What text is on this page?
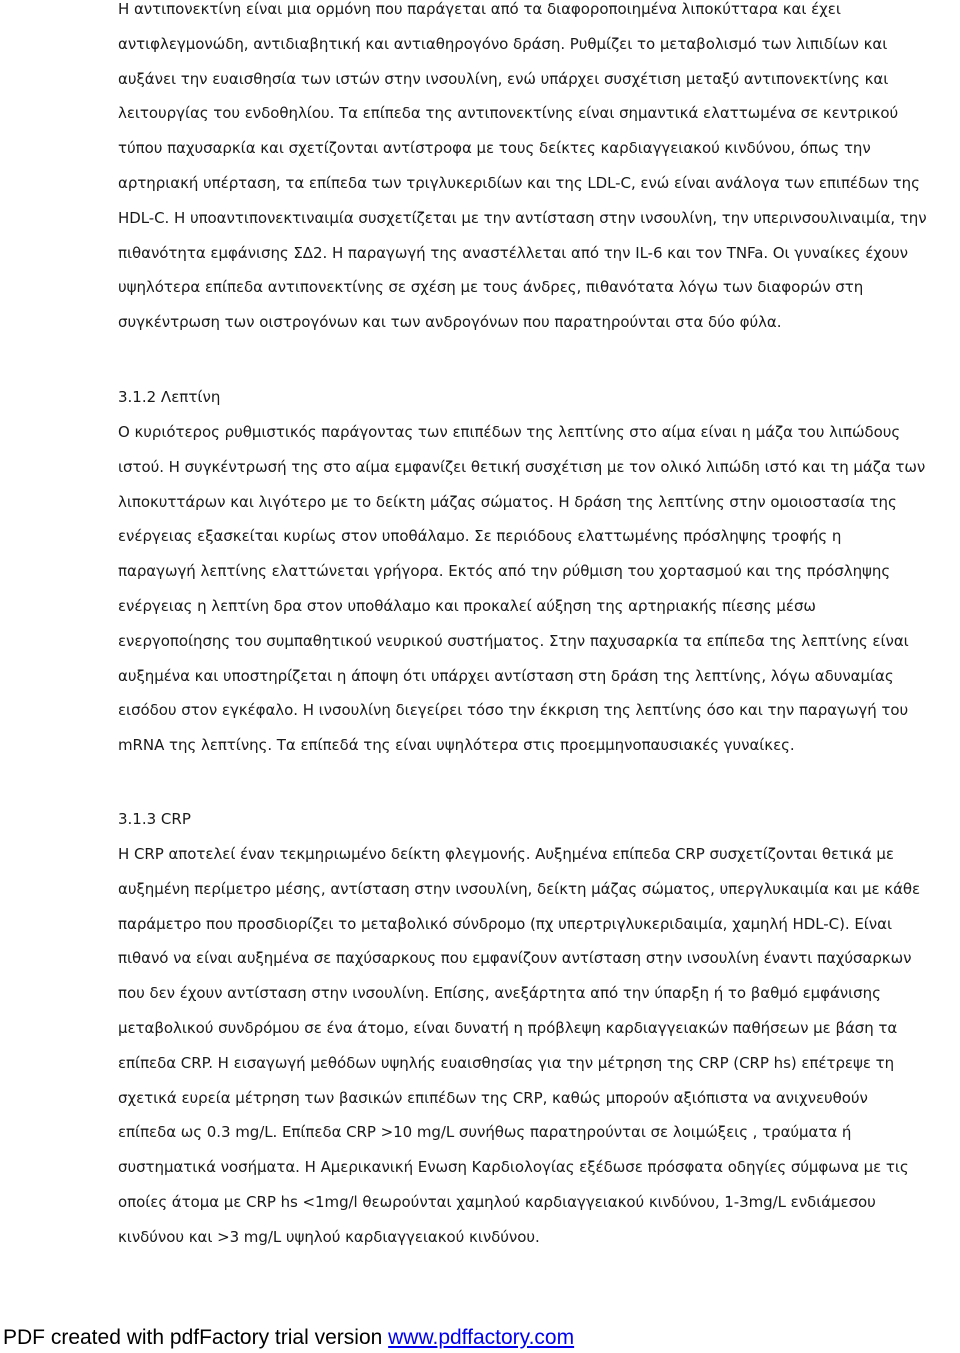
Η αντιπονεκτίνη είναι μια ορμόνη που παράγεται από τα διαφοροποιημένα λιποκύτταρα και έχει
αντιφλεγμονώδη, αντιδιαβητική και αντιαθηρογόνο δράση. Ρυθμίζει το μεταβολισμό των λιπιδίων και
αυξάνει την ευαισθησία των ιστών στην ινσουλίνη, ενώ υπάρχει συσχέτιση μεταξύ αντιπονεκτίνης και
λειτουργίας του ενδοθηλίου. Τα επίπεδα της αντιπονεκτίνης είναι σημαντικά ελαττωμένα σε κεντρικού
τύπου παχυσαρκία και σχετίζονται αντίστροφα με τους δείκτες καρδιαγγειακού κινδύνου, όπως την
αρτηριακή υπέρταση, τα επίπεδα των τριγλυκεριδίων και της LDL-C, ενώ είναι ανάλογα των επιπέδων της
HDL-C. Η υποαντιπονεκτιναιμία συσχετίζεται με την αντίσταση στην ινσουλίνη, την υπερινσουλιναιμία, την
πιθανότητα εμφάνισης ΣΔ2. Η παραγωγή της αναστέλλεται από την IL-6 και τον TNFa. Οι γυναίκες έχουν
υψηλότερα επίπεδα αντιπονεκτίνης σε σχέση με τους άνδρες, πιθανότατα λόγω των διαφορών στη
συγκέντρωση των οιστρογόνων και των ανδρογόνων που παρατηρούνται στα δύο φύλα.
3.1.2 Λεπτίνη
Ο κυριότερος ρυθμιστικός παράγοντας των επιπέδων της λεπτίνης στο αίμα είναι η μάζα του λιπώδους
ιστού. Η συγκέντρωσή της στο αίμα εμφανίζει θετική συσχέτιση με τον ολικό λιπώδη ιστό και τη μάζα των
λιποκυττάρων και λιγότερο με το δείκτη μάζας σώματος. Η δράση της λεπτίνης στην ομοιοστασία της
ενέργειας εξασκείται κυρίως στον υποθάλαμο. Σε περιόδους ελαττωμένης πρόσληψης τροφής η
παραγωγή λεπτίνης ελαττώνεται γρήγορα. Εκτός από την ρύθμιση του χορτασμού και της πρόσληψης
ενέργειας η λεπτίνη δρα στον υποθάλαμο και προκαλεί αύξηση της αρτηριακής πίεσης μέσω
ενεργοποίησης του συμπαθητικού νευρικού συστήματος. Στην παχυσαρκία τα επίπεδα της λεπτίνης είναι
αυξημένα και υποστηρίζεται η άποψη ότι υπάρχει αντίσταση στη δράση της λεπτίνης, λόγω αδυναμίας
εισόδου στον εγκέφαλο. Η ινσουλίνη διεγείρει τόσο την έκκριση της λεπτίνης όσο και την παραγωγή του
mRNA της λεπτίνης. Τα επίπεδά της είναι υψηλότερα στις προεμμηνοπαυσιακές γυναίκες.
3.1.3 CRP
Η CRP αποτελεί έναν τεκμηριωμένο δείκτη φλεγμονής. Αυξημένα επίπεδα CRP συσχετίζονται θετικά με
αυξημένη περίμετρο μέσης, αντίσταση στην ινσουλίνη, δείκτη μάζας σώματος, υπεργλυκαιμία και με κάθε
παράμετρο που προσδιορίζει το μεταβολικό σύνδρομο (πχ υπερτριγλυκεριδαιμία, χαμηλή HDL-C). Είναι
πιθανό να είναι αυξημένα σε παχύσαρκους που εμφανίζουν αντίσταση στην ινσουλίνη έναντι παχύσαρκων
που δεν έχουν αντίσταση στην ινσουλίνη. Επίσης, ανεξάρτητα από την ύπαρξη ή το βαθμό εμφάνισης
μεταβολικού συνδρόμου σε ένα άτομο, είναι δυνατή η πρόβλεψη καρδιαγγειακών παθήσεων με βάση τα
επίπεδα CRP. Η εισαγωγή μεθόδων υψηλής ευαισθησίας για την μέτρηση της CRP (CRP hs) επέτρεψε τη
σχετικά ευρεία μέτρηση των βασικών επιπέδων της CRP, καθώς μπορούν αξιόπιστα να ανιχνευθούν
επίπεδα ως 0.3 mg/L. Επίπεδα CRP >10 mg/L συνήθως παρατηρούνται σε λοιμώξεις , τραύματα ή
συστηματικά νοσήματα. Η Αμερικανική Ενωση Καρδιολογίας εξέδωσε πρόσφατα οδηγίες σύμφωνα με τις
οποίες άτομα με CRP hs <1mg/l θεωρούνται χαμηλού καρδιαγγειακού κινδύνου, 1-3mg/L ενδιάμεσου
κινδύνου και >3 mg/L υψηλού καρδιαγγειακού κινδύνου.
PDF created with pdfFactory trial version www.pdffactory.com
